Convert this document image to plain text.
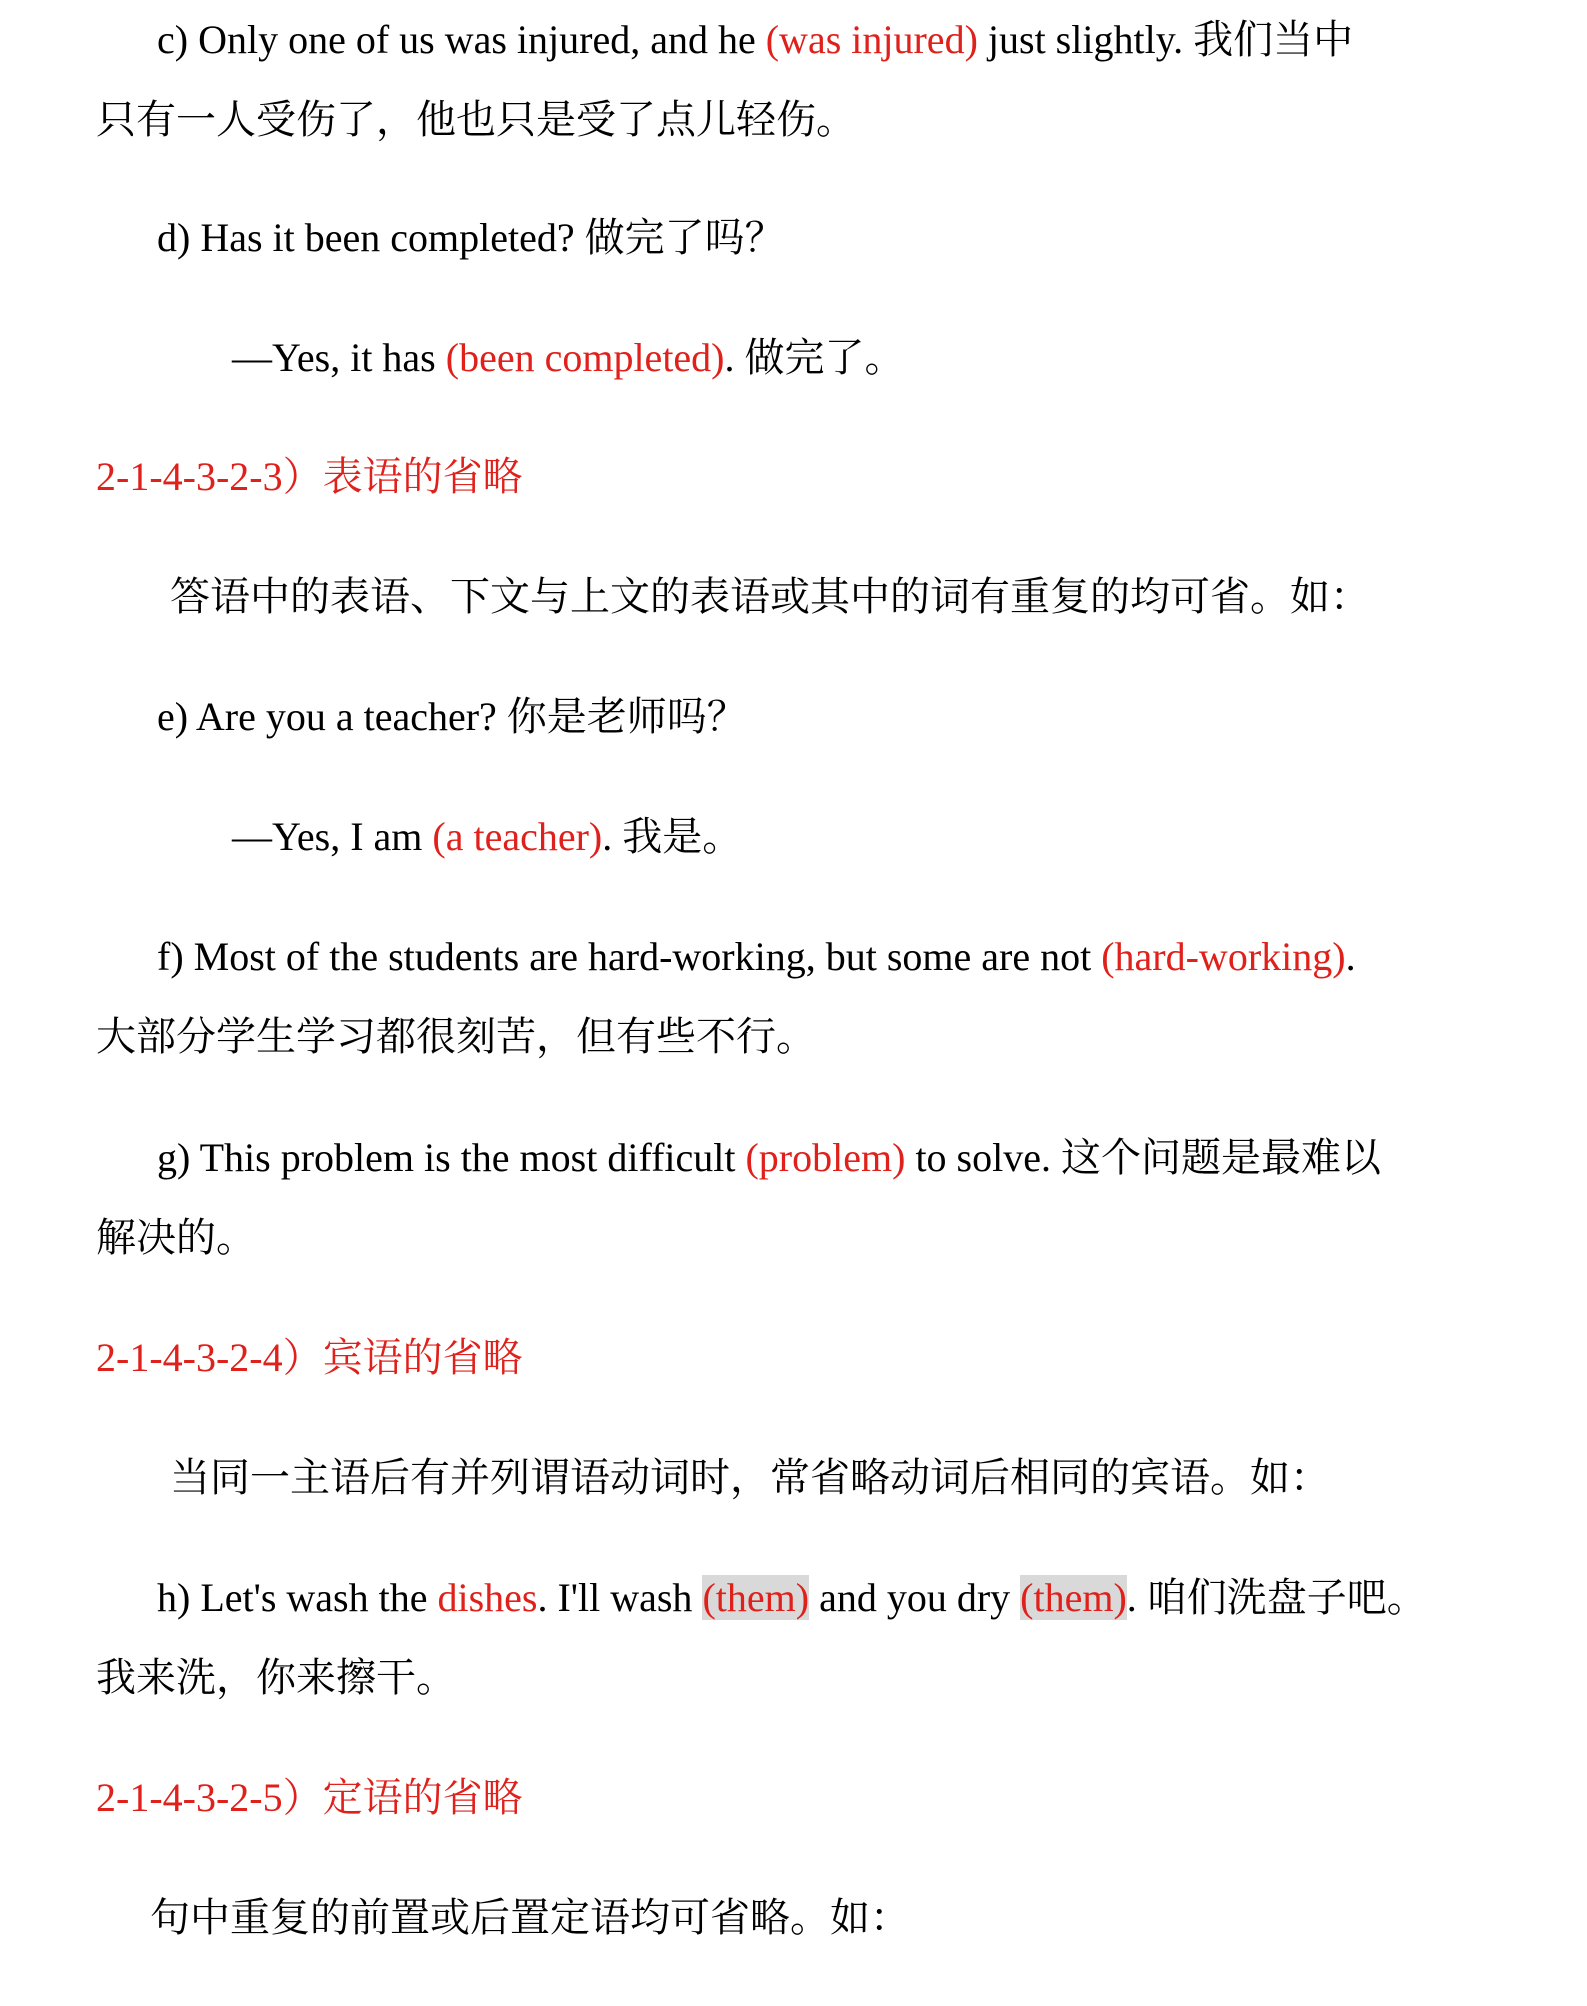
c) Only one of us was injured, and he (was injured) just slightly. 我们当中
只有一人受伤了，他也只是受了点儿轻伤。
d) Has it been completed? 做完了吗？
—Yes, it has (been completed). 做完了。
2-1-4-3-2-3）表语的省略
答语中的表语、下文与上文的表语或其中的词有重复的均可省。如：
e) Are you a teacher? 你是老师吗？
—Yes, I am (a teacher). 我是。
f) Most of the students are hard-working, but some are not (hard-working).
大部分学生学习都很刻苦，但有些不行。
g) This problem is the most difficult (problem) to solve. 这个问题是最难以
解决的。
2-1-4-3-2-4）宾语的省略
当同一主语后有并列谓语动词时，常省略动词后相同的宾语。如：
h) Let's wash the dishes. I'll wash (them) and you dry (them). 咱们洗盘子吧。
我来洗，你来擦干。
2-1-4-3-2-5）定语的省略
句中重复的前置或后置定语均可省略。如：
